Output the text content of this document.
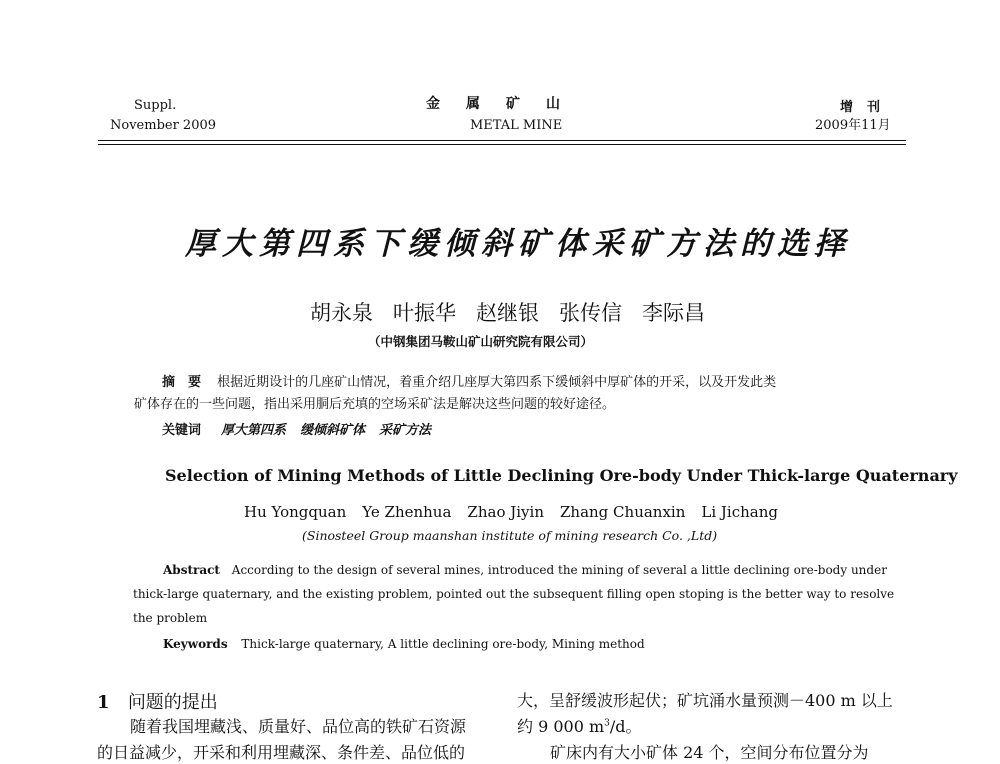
Suppl.
November 2009
金属矿山
METAL MINE
增刊
2009年11月
厚大第四系下缓倾斜矿体采矿方法的选择
胡永泉 叶振华 赵继银 张传信 李际昌
（中钢集团马鞍山矿山研究院有限公司）
摘　要 根据近期设计的几座矿山情况，着重介绍几座厚大第四系下缓倾斜中厚矿体的开采，以及开发此类
矿体存在的一些问题，指出采用胴后充填的空场采矿法是解决这些问题的较好途径。
关键词 厚大第四系 缓倾斜矿体 采矿方法
Selection of Mining Methods of Little Declining Ore-body Under Thick-large Quaternary
Hu Yongquan Ye Zhenhua Zhao Jiyin Zhang Chuanxin Li Jichang
(Sinosteel Group maanshan institute of mining research Co. ,Ltd)
Abstract According to the design of several mines, introduced the mining of several a little declining ore-body under
thick-large quaternary, and the existing problem, pointed out the subsequent filling open stoping is the better way to resolve
the problem
Keywords Thick-large quaternary, A little declining ore-body, Mining method
1 问题的提出
随着我国埋藏浅、质量好、品位高的铁矿石资源
的日益减少，开采和利用埋藏深、条件差、品位低的
大，呈舒缓波形起伏；矿坑涌水量预测－400 m 以上
约 9 000 $m^3/d$。
矿床内有大小矿体 24 个，空间分布位置分为
